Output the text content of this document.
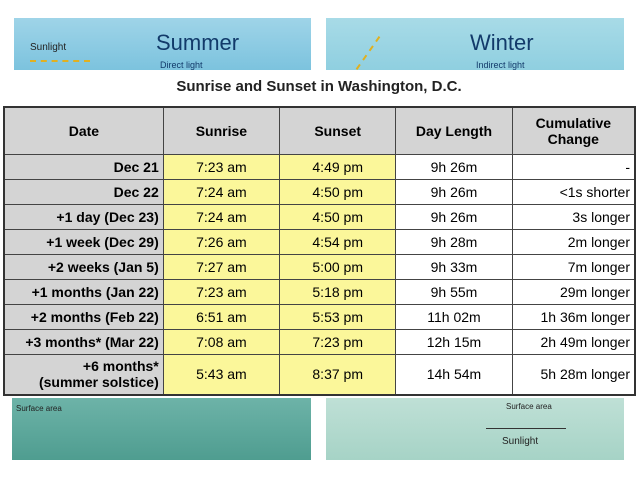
Sunlight	Summer
Direct light
Winter
Indirect light
Surface area	Surface area
Sunlight
Sunrise and Sunset in Washington, D.C.
Date	Sunrise	Sunset	Day Length	Cumulative Change
Dec 21	7:23 am	4:49 pm	9h 26m	-
Dec 22	7:24 am	4:50 pm	9h 26m	<1s shorter
+1 day (Dec 23)	7:24 am	4:50 pm	9h 26m	3s longer
+1 week (Dec 29)	7:26 am	4:54 pm	9h 28m	2m longer
+2 weeks (Jan 5)	7:27 am	5:00 pm	9h 33m	7m longer
+1 months (Jan 22)	7:23 am	5:18 pm	9h 55m	29m longer
+2 months (Feb 22)	6:51 am	5:53 pm	11h 02m	1h 36m longer
+3 months* (Mar 22)	7:08 am	7:23 pm	12h 15m	2h 49m longer

+6 months*
(summer solstice)	5:43 am	8:37 pm	14h 54m	5h 28m longer
